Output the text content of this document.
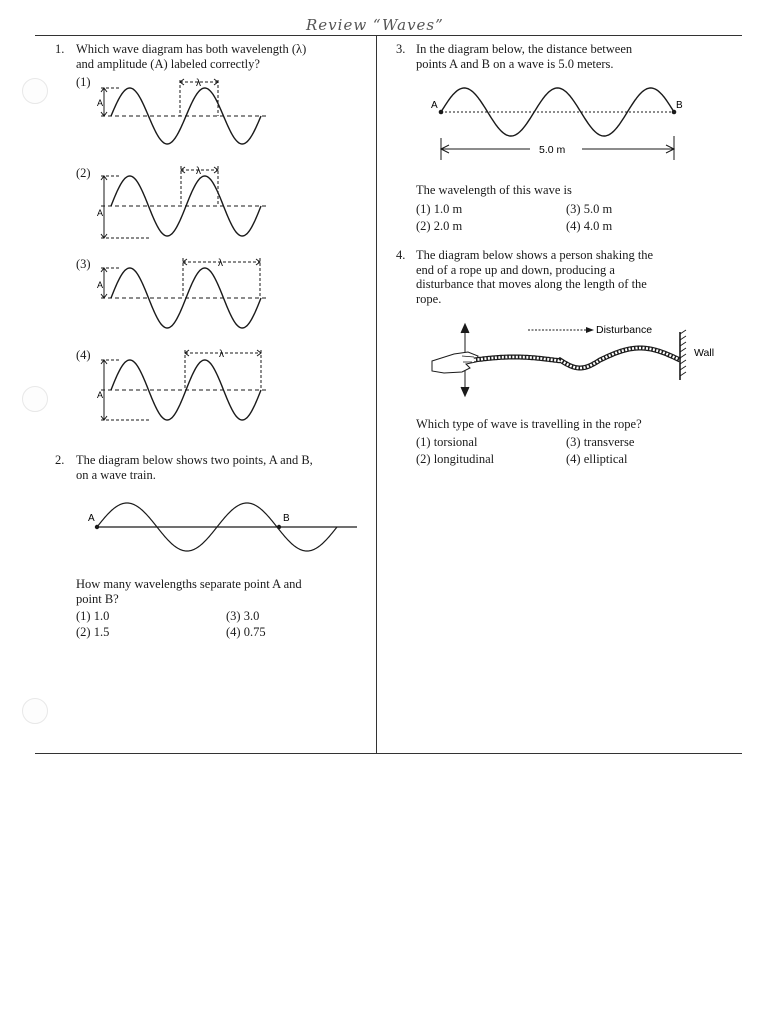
Review “Waves”
1. Which wave diagram has both wavelength (λ)
and amplitude (A) labeled correctly?
(1)
(2)
(3)
(4)
A
λ
A
λ
A
λ
A
λ
2. The diagram below shows two points, A and B,
on a wave train.
A	B
How many wavelengths separate point A and
point B?
(1) 1.0
(2) 1.5
(3) 3.0
(4) 0.75
3. In the diagram below, the distance between
points A and B on a wave is 5.0 meters.
A	B
5.0 m
The wavelength of this wave is
(1) 1.0 m
(2) 2.0 m
(3) 5.0 m
(4) 4.0 m
4. The diagram below shows a person shaking the
end of a rope up and down, producing a
disturbance that moves along the length of the
rope.
Disturbance
Wall
Which type of wave is travelling in the rope?
(1) torsional
(2) longitudinal
(3) transverse
(4) elliptical
